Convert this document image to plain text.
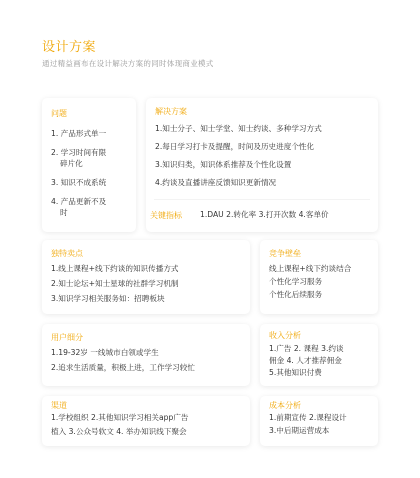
设计方案
通过精益画布在设计解决方案的同时体现商业模式
问题
1. 产品形式单一
2. 学习时间有限
碎片化
3. 知识不成系统
4. 产品更新不及
时
解决方案
1.知士分子、知士学堂、知士约谈、多种学习方式
2.每日学习打卡及提醒，时间及历史进度个性化
3.知识归类，知识体系推荐及个性化设置
4.约谈及直播讲座反馈知识更新情况
关键指标 1.DAU 2.转化率 3.打开次数 4.客单价
独特卖点
1.线上课程+线下约谈的知识传播方式
2.知士论坛+知士星球的社群学习机制
3.知识学习相关服务如：招聘板块
竞争壁垒
线上课程+线下约谈结合
个性化学习服务
个性化后续服务
用户细分
1.19-32岁 一线城市白领或学生
2.追求生活质量，积极上进，工作学习较忙
收入分析
1.广告 2. 课程 3.约谈
佣金 4. 人才推荐佣金
5.其他知识付费
渠道
1.学校组织 2.其他知识学习相关app广告
植入 3.公众号软文 4. 举办知识线下聚会
成本分析
1.前期宣传 2.课程设计
3.中后期运营成本
